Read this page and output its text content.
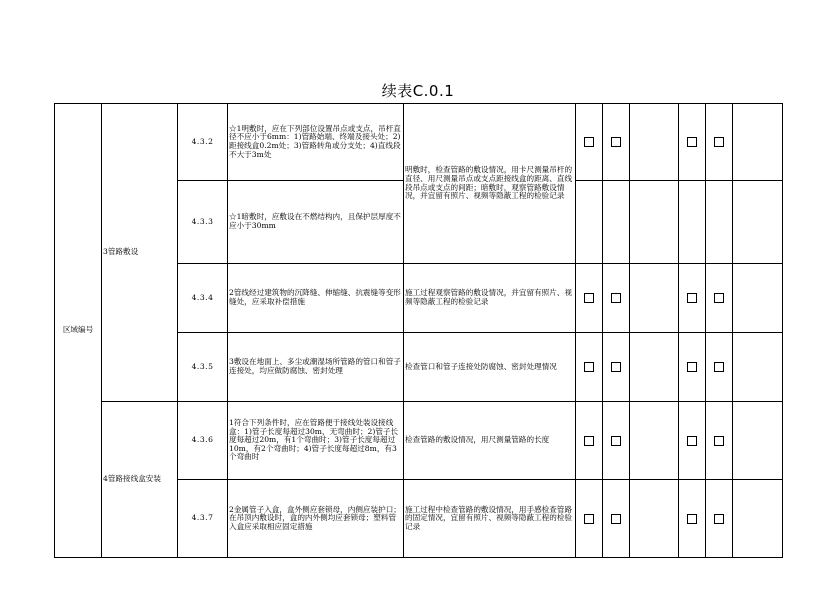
续表C.0.1
区域编号	3管路敷设	4.3.2	☆1明敷时，应在下列部位设置吊点或支点，吊杆直径不应小于6mm：1)管路始端、终端及接头处；2)距接线盒0.2m处；3)管路转角或分支处；4)直线段不大于3m处	明敷时，检查管路的敷设情况，用卡尺测量吊杆的直径、用尺测量吊点或支点距接线盒的距离、直线段吊点或支点的间距；暗敷时，观察管路敷设情况，并宜留有照片、视频等隐蔽工程的检验记录						
		4.3.3	☆1暗敷时，应敷设在不燃结构内，且保护层厚度不应小于30mm							
		4.3.4	2管线经过建筑物的沉降缝、伸缩缝、抗震缝等变形缝处，应采取补偿措施	施工过程观察管路的敷设情况，并宜留有照片、视频等隐蔽工程的检验记录						
		4.3.5	3敷设在地面上、多尘或潮湿场所管路的管口和管子连接处，均应做防腐蚀、密封处理	检查管口和管子连接处防腐蚀、密封处理情况						
	4管路接线盒安装	4.3.6	1符合下列条件时，应在管路便于接线处装设接线盒：1)管子长度每超过30m，无弯曲时；2)管子长度每超过20m，有1个弯曲时；3)管子长度每超过10m，有2个弯曲时；4)管子长度每超过8m，有3个弯曲时	检查管路的敷设情况，用尺测量管路的长度						
		4.3.7	2金属管子入盒，盒外侧应套锁母，内侧应装护口；在吊顶内敷设时，盒的内外侧均应套锁母；塑料管入盒应采取相应固定措施	施工过程中检查管路的敷设情况，用手感检查管路的固定情况，宜留有照片、视频等隐蔽工程的检验记录						
